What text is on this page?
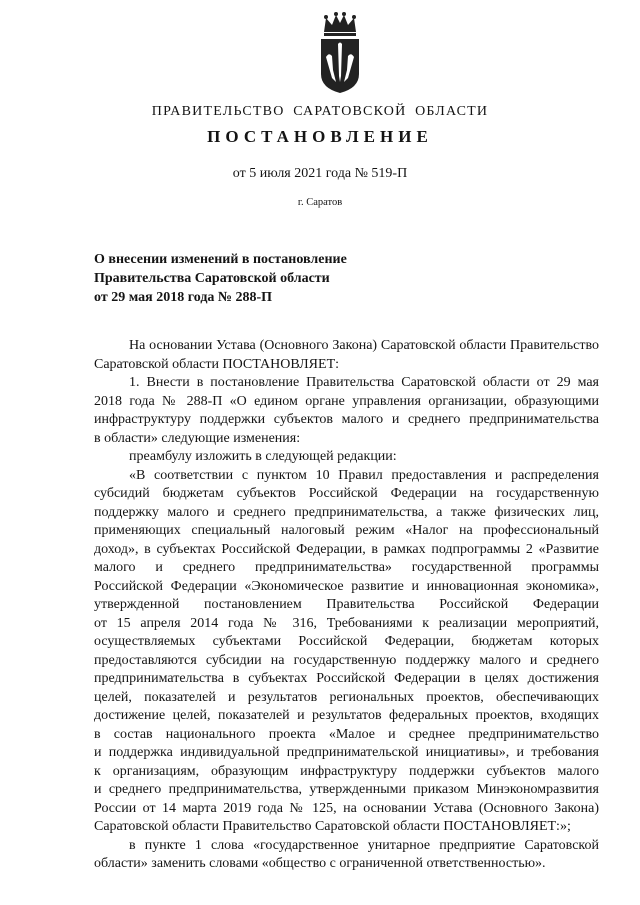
ПРАВИТЕЛЬСТВО САРАТОВСКОЙ ОБЛАСТИ
ПОСТАНОВЛЕНИЕ
от 5 июля 2021 года № 519-П
г. Саратов
О внесении изменений в постановление
Правительства Саратовской области
от 29 мая 2018 года № 288-П
На основании Устава (Основного Закона) Саратовской области Правительство
Саратовской области ПОСТАНОВЛЯЕТ:
1. Внести в постановление Правительства Саратовской области от 29 мая
2018 года № 288-П «О едином органе управления организации, образующими
инфраструктуру поддержки субъектов малого и среднего предпринимательства
в области» следующие изменения:
преамбулу изложить в следующей редакции:
«В соответствии с пунктом 10 Правил предоставления и распределения
субсидий бюджетам субъектов Российской Федерации на государственную
поддержку малого и среднего предпринимательства, а также физических лиц,
применяющих специальный налоговый режим «Налог на профессиональный
доход», в субъектах Российской Федерации, в рамках подпрограммы 2 «Развитие
малого и среднего предпринимательства» государственной программы
Российской Федерации «Экономическое развитие и инновационная экономика»,
утвержденной постановлением Правительства Российской Федерации
от 15 апреля 2014 года № 316, Требованиями к реализации мероприятий,
осуществляемых субъектами Российской Федерации, бюджетам которых
предоставляются субсидии на государственную поддержку малого и среднего
предпринимательства в субъектах Российской Федерации в целях достижения
целей, показателей и результатов региональных проектов, обеспечивающих
достижение целей, показателей и результатов федеральных проектов, входящих
в состав национального проекта «Малое и среднее предпринимательство
и поддержка индивидуальной предпринимательской инициативы», и требования
к организациям, образующим инфраструктуру поддержки субъектов малого
и среднего предпринимательства, утвержденными приказом Минэкономразвития
России от 14 марта 2019 года № 125, на основании Устава (Основного Закона)
Саратовской области Правительство Саратовской области ПОСТАНОВЛЯЕТ:»;
в пункте 1 слова «государственное унитарное предприятие Саратовской
области» заменить словами «общество с ограниченной ответственностью».
